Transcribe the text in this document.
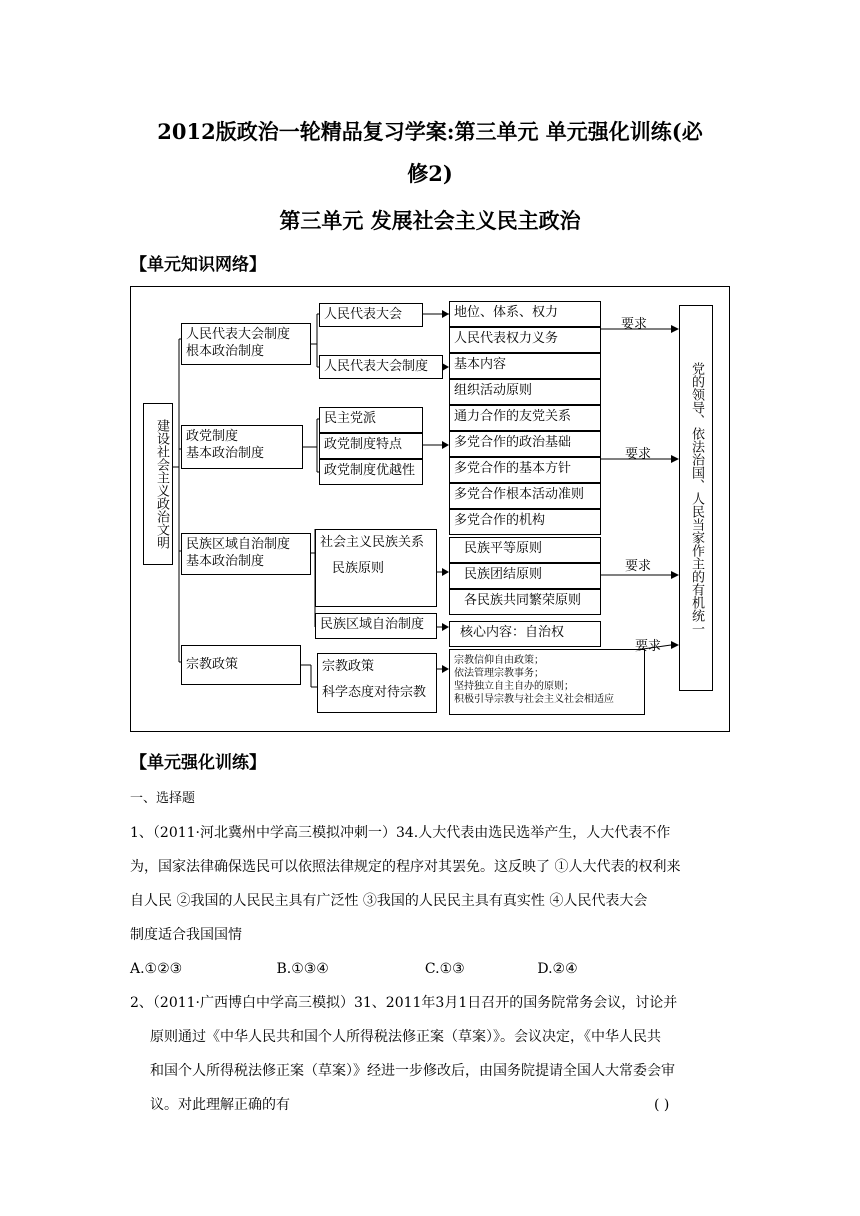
2012版政治一轮精品复习学案:第三单元 单元强化训练(必
修2)
第三单元 发展社会主义民主政治
【单元知识网络】
建设社会主义政治文明
人民代表大会制度
根本政治制度
人民代表大会
人民代表大会制度
地位、体系、权力
人民代表权力义务
基本内容
组织活动原则
政党制度
基本政治制度
民主党派
政党制度特点
政党制度优越性
通力合作的友党关系
多党合作的政治基础
多党合作的基本方针
多党合作根本活动准则
多党合作的机构
民族区域自治制度
基本政治制度
社会主义民族关系
民族原则
民族区域自治制度
民族平等原则
民族团结原则
各民族共同繁荣原则
核心内容：自治权
宗教政策	宗教政策
科学态度对待宗教
宗教信仰自由政策；
依法管理宗教事务；
坚持独立自主自办的原则；
积极引导宗教与社会主义社会相适应
要求
要求
要求
要求
党的领导、依法治国、人民当家作主的有机统一
【单元强化训练】
一、选择题
1、（2011·河北冀州中学高三模拟冲刺一）34.人大代表由选民选举产生，人大代表不作
为，国家法律确保选民可以依照法律规定的程序对其罢免。这反映了 ①人大代表的权利来
自人民 ②我国的人民民主具有广泛性 ③我国的人民民主具有真实性 ④人民代表大会
制度适合我国国情
A.①②③	B.①③④	C.①③	D.②④
2、（2011·广西博白中学高三模拟）31、2011年3月1日召开的国务院常务会议，讨论并
原则通过《中华人民共和国个人所得税法修正案（草案）》。会议决定，《中华人民共
和国个人所得税法修正案（草案）》经进一步修改后，由国务院提请全国人大常委会审
议。对此理解正确的有	( )
